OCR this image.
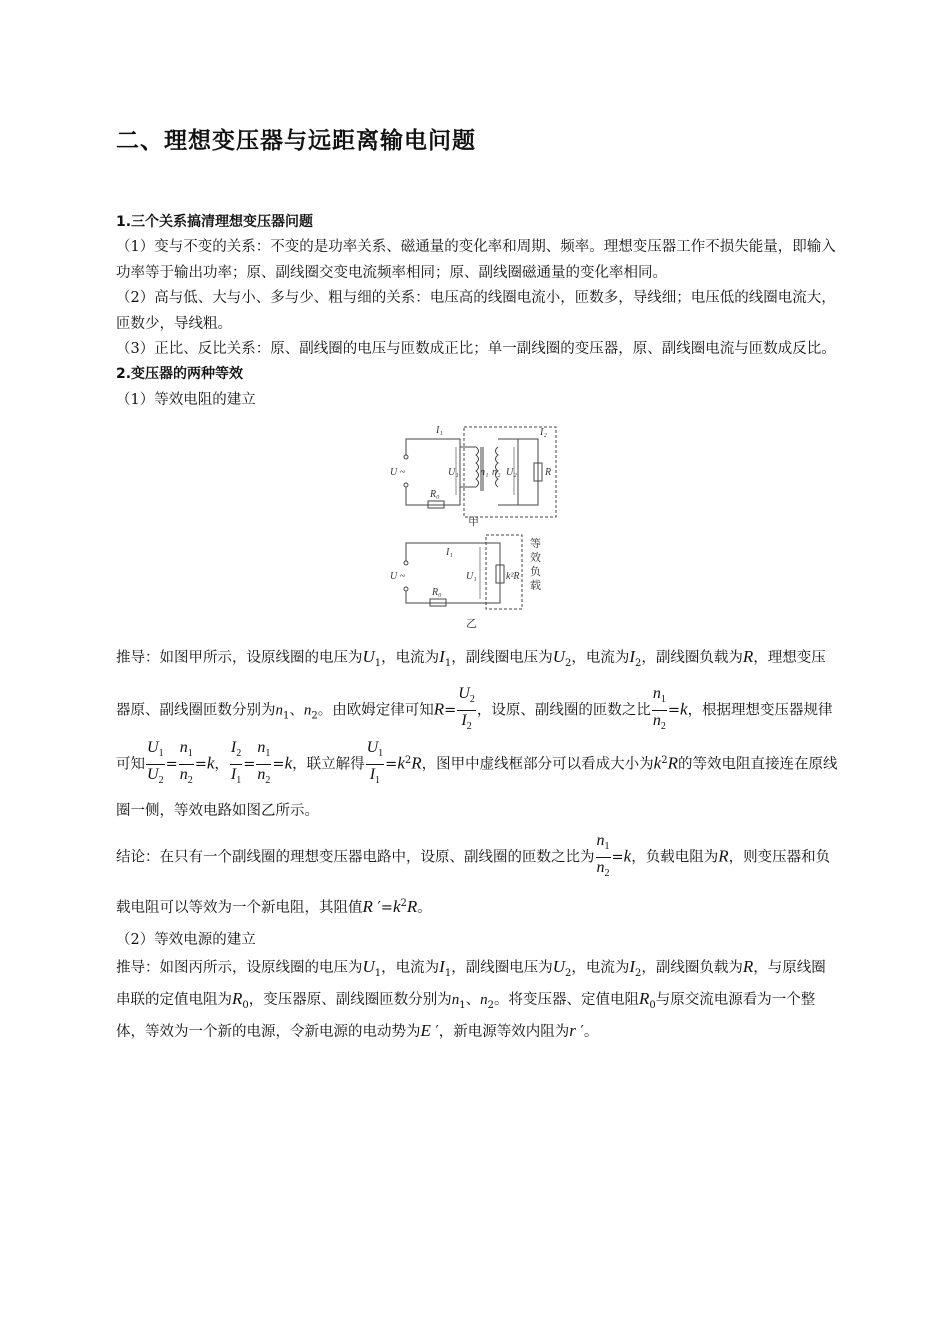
二、理想变压器与远距离输电问题

1.三个关系搞清理想变压器问题

（1）变与不变的关系：不变的是功率关系、磁通量的变化率和周期、频率。理想变压器工作不损失能量，即输入功率等于输出功率；原、副线圈交变电流频率相同；原、副线圈磁通量的变化率相同。

（2）高与低、大与小、多与少、粗与细的关系：电压高的线圈电流小，匝数多，导线细；电压低的线圈电流大，匝数少，导线粗。

（3）正比、反比关系：原、副线圈的电压与匝数成正比；单一副线圈的变压器，原、副线圈电流与匝数成反比。

2.变压器的两种等效

（1）等效电阻的建立

I₁	I₂
U ~	U₁ n₁ n₂ U₂	R
R₀
甲
I₁
U ~	U₁	k²R
R₀
等
效
负
载
乙

推导：如图甲所示，设原线圈的电压为$U_1$，电流为$I_1$，副线圈电压为$U_2$，电流为$I_2$，副线圈负载为R，理想变压器原、副线圈匝数分别为$n_1$、$n_2$。由欧姆定律可知$R= \frac{U_2}{I_2}$ ，设原、副线圈的匝数之比 $\frac{n_1}{n_2} =k$，根据理想变压器规律可知 $\frac{U_1}{U_2} = \frac{n_1}{n_2} =k$， $\frac{I_2}{I_1} = \frac{n_1}{n_2} =k$，联立解得 $\frac{U_1}{I_1} =k^2R$，图甲中虚线框部分可以看成大小为$k^2R$的等效电阻直接连在原线圈一侧，等效电路如图乙所示。

结论：在只有一个副线圈的理想变压器电路中，设原、副线圈的匝数之比为 $\frac{n_1}{n_2} =k$，负载电阻为R，则变压器和负载电阻可以等效为一个新电阻，其阻值R $'=k^2R$。

（2）等效电源的建立

推导：如图丙所示，设原线圈的电压为$U_1$，电流为$I_1$，副线圈电压为$U_2$，电流为$I_2$，副线圈负载为R，与原线圈串联的定值电阻为$R_0$，变压器原、副线圈匝数分别为$n_1$、$n_2$。将变压器、定值电阻$R_0$与原交流电源看为一个整体，等效为一个新的电源，令新电源的电动势为E ′，新电源等效内阻为r ′。
